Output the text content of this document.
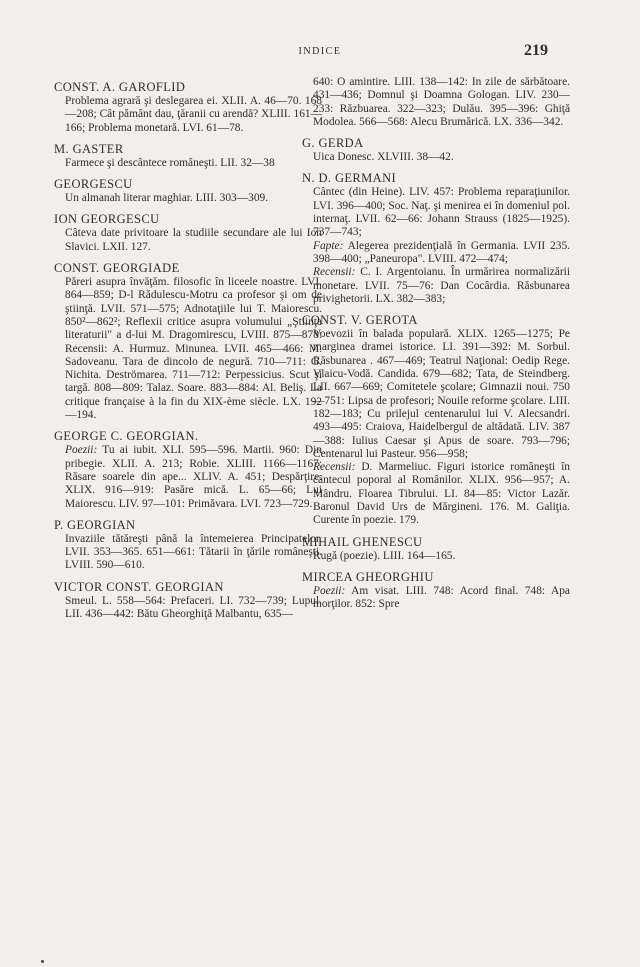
INDICE	219
CONST. A. GAROFLID
Problema agrară şi deslegarea ei. XLII. A. 46—70. 168—208; Cât pământ dau, ţăranii cu arendă? XLIII. 161—166; Problema monetară. LVI. 61—78.
M. GASTER
Farmece şi descântece româneşti. LII. 32—38
GEORGESCU
Un almanah literar maghiar. LIII. 303—309.
ION GEORGESCU
Câteva date privitoare la studiile secundare ale lui Ion Slavici. LXII. 127.
CONST. GEORGIADE
Păreri asupra învăţăm. filosofic în liceele noastre. LVI. 864—859; D-l Rădulescu-Motru ca profesor şi om de ştiinţă. LVII. 571—575; Adnotaţiile lui T. Maiorescu. 850²—862²; Reflexii critice asupra volumului „Ştiinţa literaturii" a d-lui M. Dragomirescu, LVIII. 875—878: Recensii: A. Hurmuz. Minunea. LVII. 465—466: M. Sadoveanu. Tara de dincolo de negură. 710—711: G. Nichita. Deströmarea. 711—712: Perpessicius. Scut şi targă. 808—809: Talaz. Soare. 883—884: Al. Beliş. La critique française à la fin du XIX-ème siècle. LX. 192—194.
GEORGE C. GEORGIAN.
Poezii: Tu ai iubit. XLI. 595—596. Martii. 960: Din pribegie. XLII. A. 213; Robie. XLIII. 1166—1167: Răsare soarele din ape... XLIV. A. 451; Despărţire. XLIX. 916—919: Pasăre mică. L. 65—66; Lui Maiorescu. LIV. 97—101: Primăvara. LVI. 723—729.
P. GEORGIAN
Invaziile tătăreşti până la întemeierea Principatelor. LVII. 353—365. 651—661: Tătarii în ţările româneşti. LVIII. 590—610.
VICTOR CONST. GEORGIAN
Smeul. L. 558—564: Prefaceri. LI. 732—739; Lupul. LII. 436—442: Bătu Gheorghiţă Malbantu, 635—
640: O amintire. LIII. 138—142: In zile de sărbătoare. 431—436; Domnul şi Doamna Gologan. LIV. 230—233: Răzbuarea. 322—323; Dulău. 395—396: Ghiţă Modolea. 566—568: Alecu Brumărică. LX. 336—342.
G. GERDA
Uica Donesc. XLVIII. 38—42.
N. D. GERMANI
Cântec (din Heine). LIV. 457: Problema reparaţiunilor. LVI. 396—400; Soc. Naţ. şi menirea ei în domeniul pol. internaţ. LVII. 62—66: Johann Strauss (1825—1925). 737—743;
Fapte: Alegerea prezidenţială în Germania. LVII 235. 398—400; „Paneuropa". LVIII. 472—474;
Recensii: C. I. Argentoianu. În urmărirea normalizării monetare. LVII. 75—76: Dan Cocârdia. Răsbunarea privighetorii. LX. 382—383;
CONST. V. GEROTA
Voevozii în balada populară. XLIX. 1265—1275; Pe marginea dramei istorice. LI. 391—392: M. Sorbul. Răsbunarea . 467—469; Teatrul Naţional: Oedip Rege. Vlaicu-Vodă. Candida. 679—682; Tata, de Steindberg. LII. 667—669; Comitetele şcolare; Gimnazii noui. 750—751: Lipsa de profesori; Nouile reforme şcolare. LIII. 182—183; Cu prilejul centenarului lui V. Alecsandri. 493—495: Craiova, Haidelbergul de altădată. LIV. 387—388: Iulius Caesar şi Apus de soare. 793—796; Centenarul lui Pasteur. 956—958;
Recensii: D. Marmeliuc. Figuri istorice româneşti în cântecul poporal al Românilor. XLIX. 956—957; A. Mândru. Floarea Tibrului. LI. 84—85: Victor Lazăr. Baronul David Urs de Mărgineni. 176. M. Galiţia. Curente în poezie. 179.
MIHAIL GHENESCU
Rugă (poezie). LIII. 164—165.
MIRCEA GHEORGHIU
Poezii: Am visat. LIII. 748: Acord final. 748: Apa morţilor. 852: Spre
